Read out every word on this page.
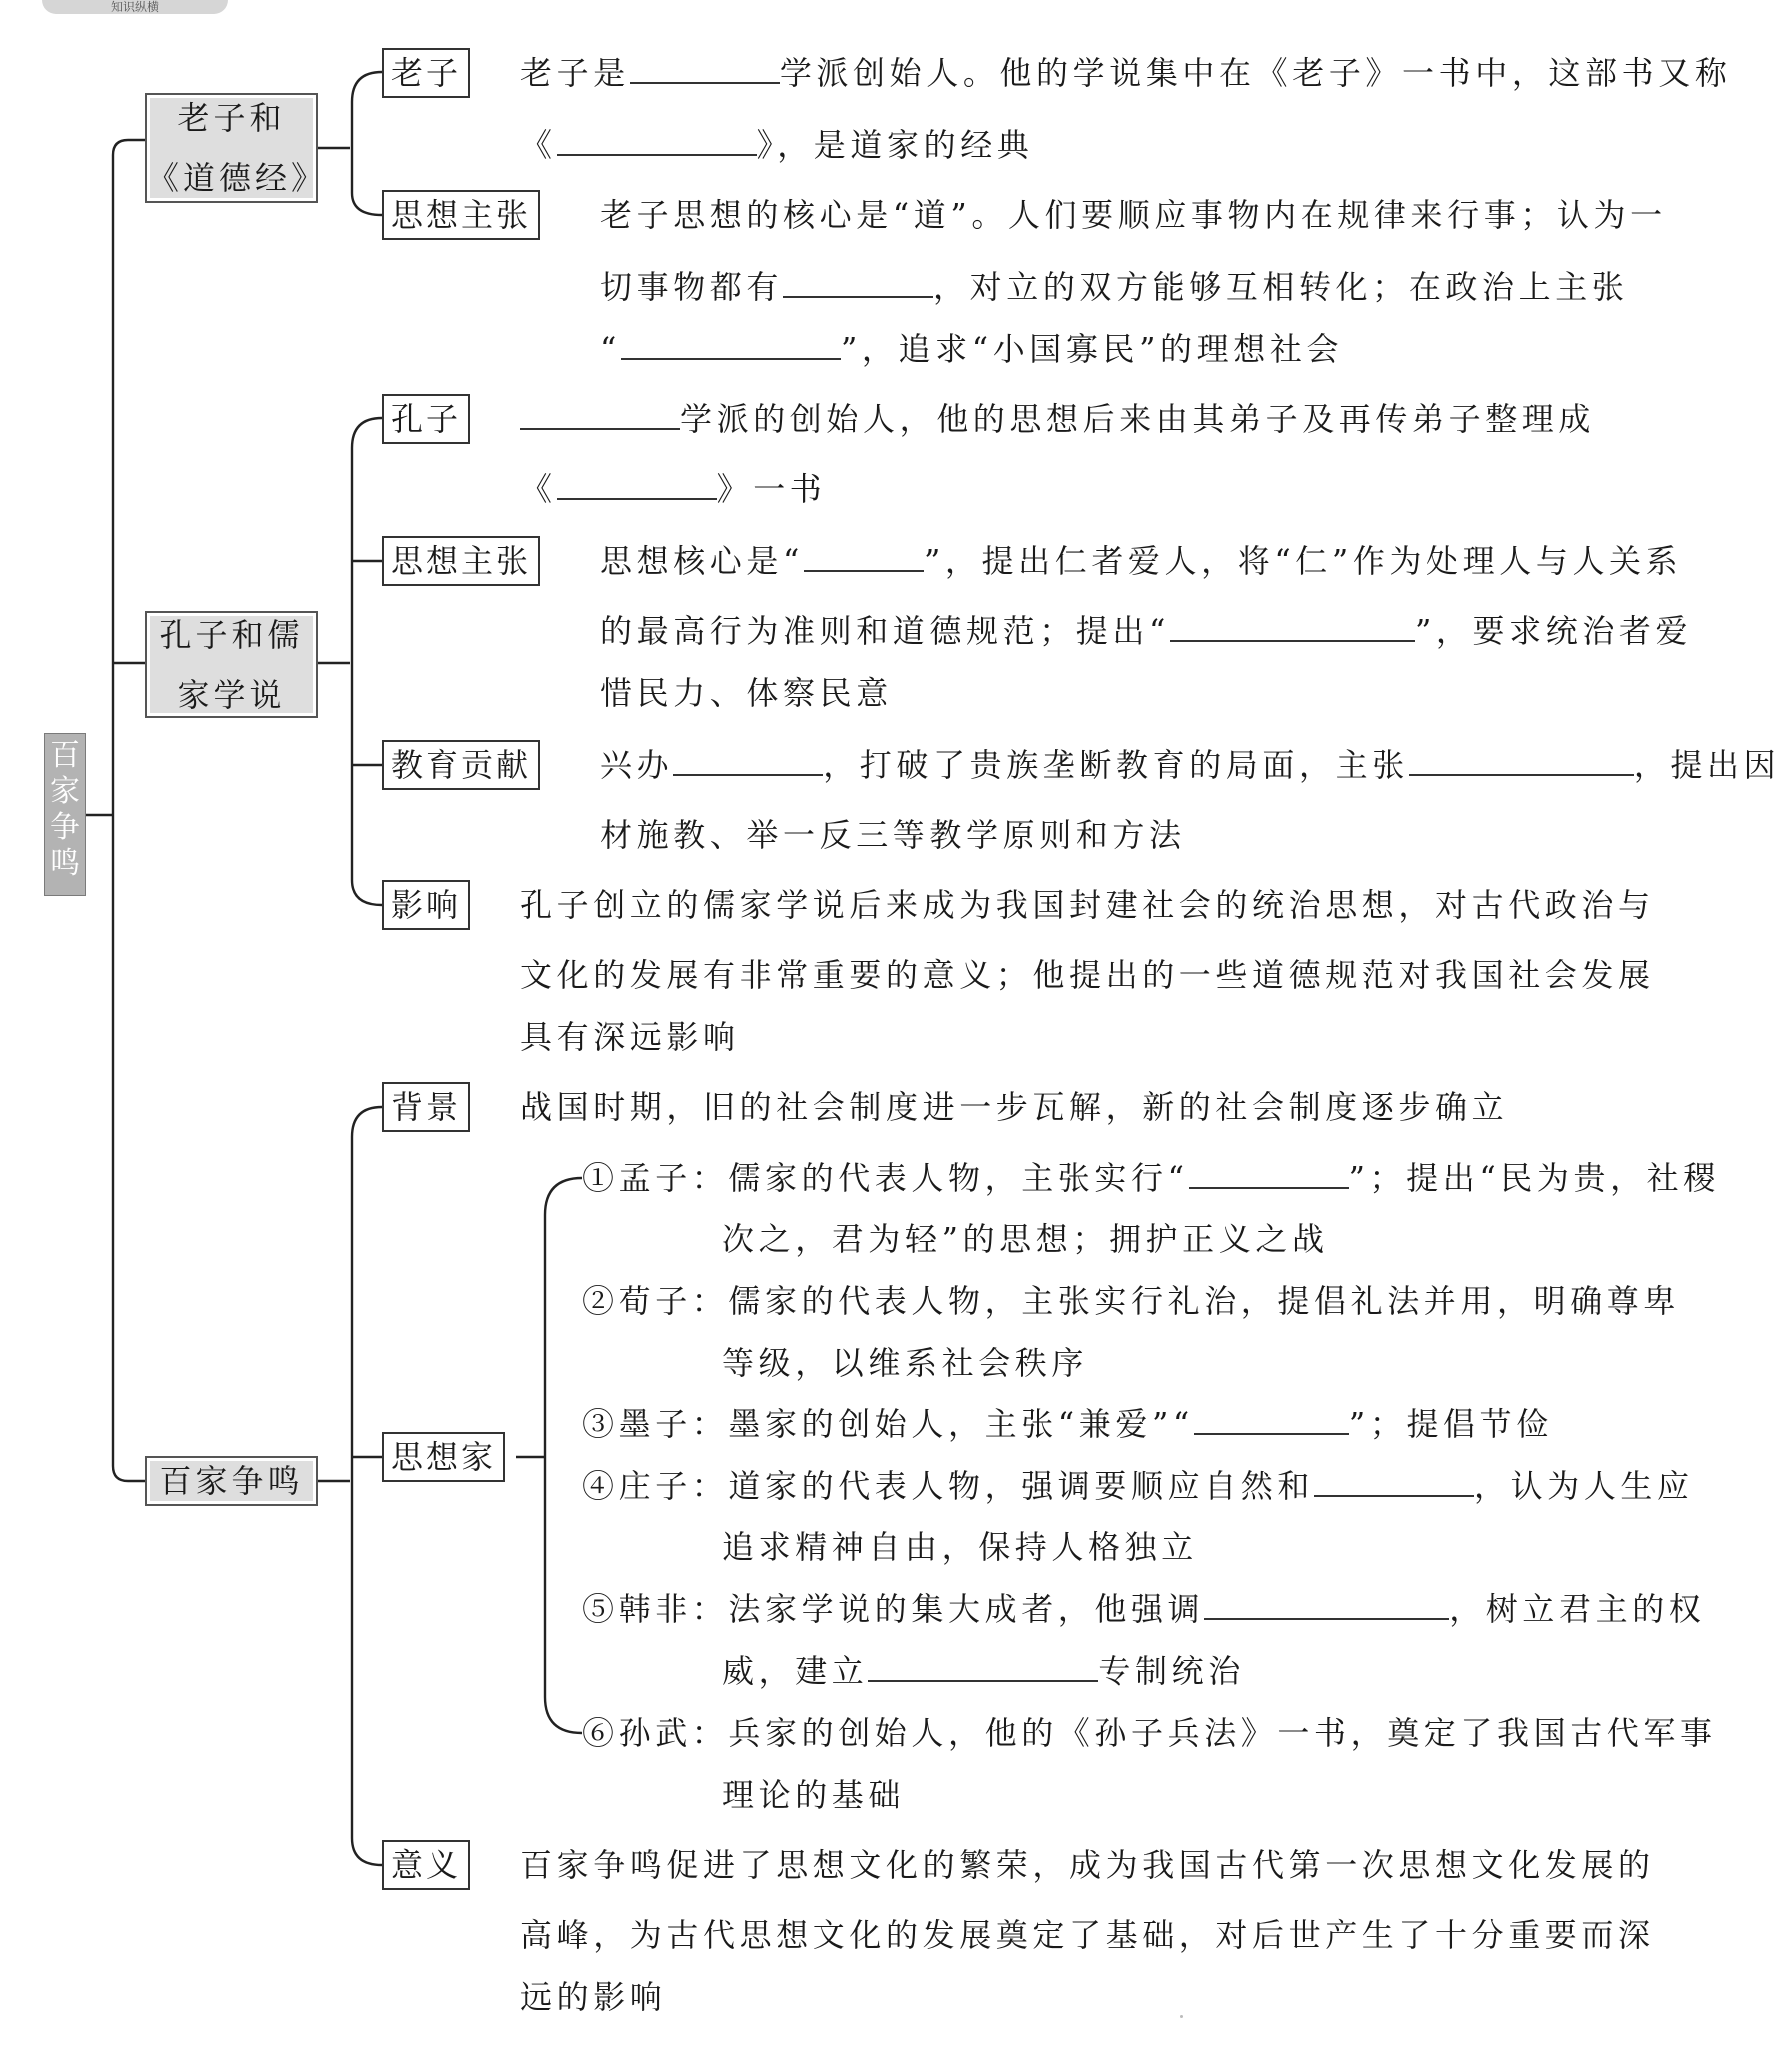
知识纵横
百
家
争
鸣
老子和
《道德经》
孔子和儒
家学说
百家争鸣
老子
思想主张
孔子
思想主张
教育贡献
影响
背景
思想家
意义
老子是	学派创始人。他的学说集中在《老子》一书中，这部书又称
《	》，是道家的经典
老子思想的核心是“道”。人们要顺应事物内在规律来行事；认为一
切事物都有	，对立的双方能够互相转化；在政治上主张
“	”，追求“小国寡民”的理想社会
学派的创始人，他的思想后来由其弟子及再传弟子整理成
《	》一书
思想核心是“	”，提出仁者爱人，将“仁”作为处理人与人关系
的最高行为准则和道德规范；提出“	”，要求统治者爱
惜民力、体察民意
兴办	，打破了贵族垄断教育的局面，主张	，提出因
材施教、举一反三等教学原则和方法
孔子创立的儒家学说后来成为我国封建社会的统治思想，对古代政治与
文化的发展有非常重要的意义；他提出的一些道德规范对我国社会发展
具有深远影响
战国时期，旧的社会制度进一步瓦解，新的社会制度逐步确立
①孟子：儒家的代表人物，主张实行“	”；提出“民为贵，社稷
次之，君为轻”的思想；拥护正义之战
②荀子：儒家的代表人物，主张实行礼治，提倡礼法并用，明确尊卑
等级，以维系社会秩序
③墨子：墨家的创始人，主张“兼爱”“	”；提倡节俭
④庄子：道家的代表人物，强调要顺应自然和	，认为人生应
追求精神自由，保持人格独立
⑤韩非：法家学说的集大成者，他强调	，树立君主的权
威，建立	专制统治
⑥孙武：兵家的创始人，他的《孙子兵法》一书，奠定了我国古代军事
理论的基础
百家争鸣促进了思想文化的繁荣，成为我国古代第一次思想文化发展的
高峰，为古代思想文化的发展奠定了基础，对后世产生了十分重要而深
远的影响
